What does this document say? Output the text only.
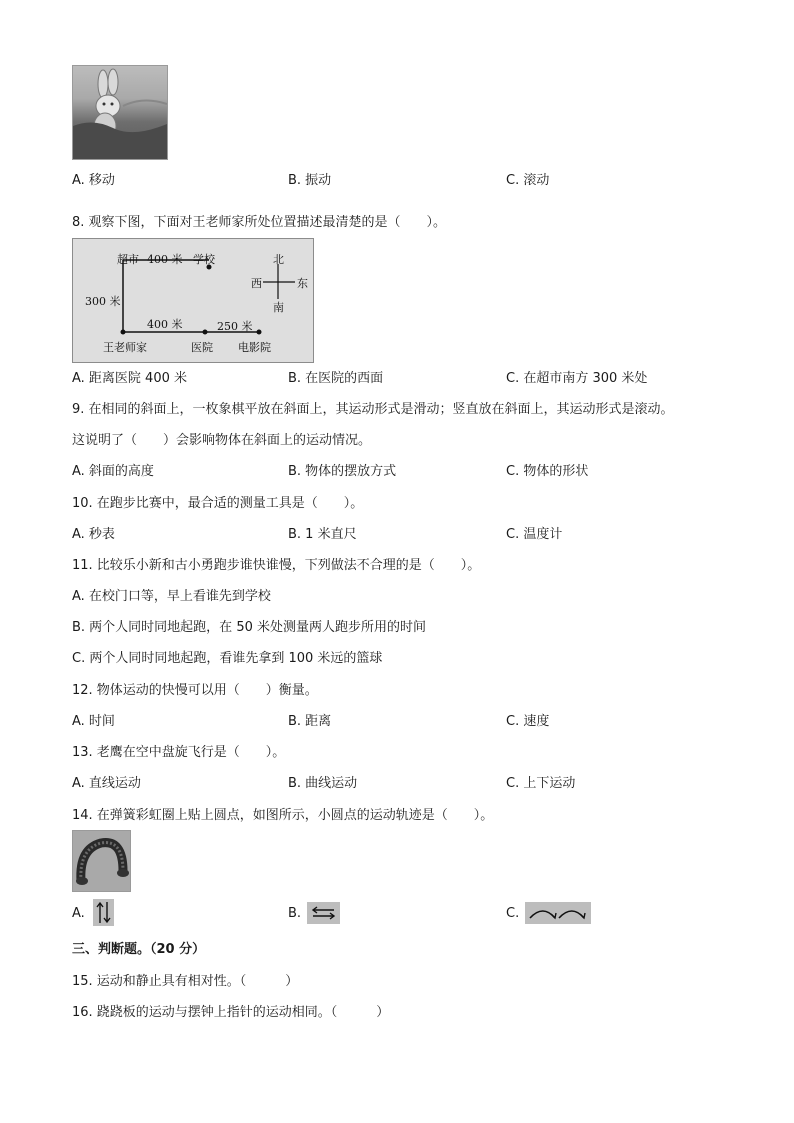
A. 移动	B. 振动	C. 滚动
8. 观察下图，下面对王老师家所处位置描述最清楚的是（　　）。
超市 400 米 学校
300 米
400 米	250 米
王老师家	医院 电影院
北
南
西	东
A. 距离医院 400 米	B. 在医院的西面	C. 在超市南方 300 米处
9. 在相同的斜面上，一枚象棋平放在斜面上，其运动形式是滑动；竖直放在斜面上，其运动形式是滚动。
这说明了（　　）会影响物体在斜面上的运动情况。
A. 斜面的高度	B. 物体的摆放方式	C. 物体的形状
10. 在跑步比赛中，最合适的测量工具是（　　）。
A. 秒表	B. 1 米直尺	C. 温度计
11. 比较乐小新和古小勇跑步谁快谁慢，下列做法不合理的是（　　）。
A. 在校门口等，早上看谁先到学校
B. 两个人同时同地起跑，在 50 米处测量两人跑步所用的时间
C. 两个人同时同地起跑，看谁先拿到 100 米远的篮球
12. 物体运动的快慢可以用（　　）衡量。
A. 时间	B. 距离	C. 速度
13. 老鹰在空中盘旋飞行是（　　）。
A. 直线运动	B. 曲线运动	C. 上下运动
14. 在弹簧彩虹圈上贴上圆点，如图所示，小圆点的运动轨迹是（　　）。
A.	B.	C.
三、判断题。（20 分）
15. 运动和静止具有相对性。（　　　）
16. 跷跷板的运动与摆钟上指针的运动相同。（　　　）
